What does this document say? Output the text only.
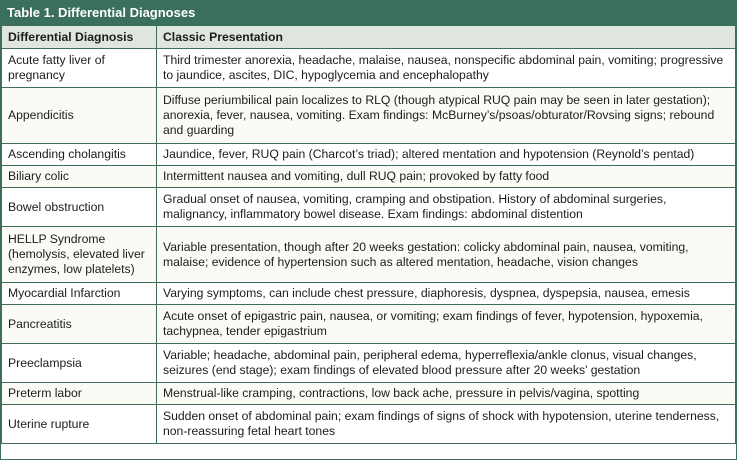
Table 1. Differential Diagnoses
Differential Diagnosis	Classic Presentation
Acute fatty liver of pregnancy	Third trimester anorexia, headache, malaise, nausea, nonspecific abdominal pain, vomiting; progressive to jaundice, ascites, DIC, hypoglycemia and encephalopathy
Appendicitis	Diffuse periumbilical pain localizes to RLQ (though atypical RUQ pain may be seen in later gestation); anorexia, fever, nausea, vomiting. Exam findings: McBurney’s/psoas/obturator/Rovsing signs; rebound and guarding
Ascending cholangitis	Jaundice, fever, RUQ pain (Charcot’s triad); altered mentation and hypotension (Reynold’s pentad)
Biliary colic	Intermittent nausea and vomiting, dull RUQ pain; provoked by fatty food
Bowel obstruction	Gradual onset of nausea, vomiting, cramping and obstipation. History of abdominal surgeries, malignancy, inflammatory bowel disease. Exam findings: abdominal distention
HELLP Syndrome (hemolysis, elevated liver enzymes, low platelets)	Variable presentation, though after 20 weeks gestation: colicky abdominal pain, nausea, vomiting, malaise; evidence of hypertension such as altered mentation, headache, vision changes
Myocardial Infarction	Varying symptoms, can include chest pressure, diaphoresis, dyspnea, dyspepsia, nausea, emesis
Pancreatitis	Acute onset of epigastric pain, nausea, or vomiting; exam findings of fever, hypotension, hypoxemia, tachypnea, tender epigastrium
Preeclampsia	Variable; headache, abdominal pain, peripheral edema, hyperreflexia/ankle clonus, visual changes, seizures (end stage); exam findings of elevated blood pressure after 20 weeks’ gestation
Preterm labor	Menstrual-like cramping, contractions, low back ache, pressure in pelvis/vagina, spotting
Uterine rupture	Sudden onset of abdominal pain; exam findings of signs of shock with hypotension, uterine tenderness, non-reassuring fetal heart tones
